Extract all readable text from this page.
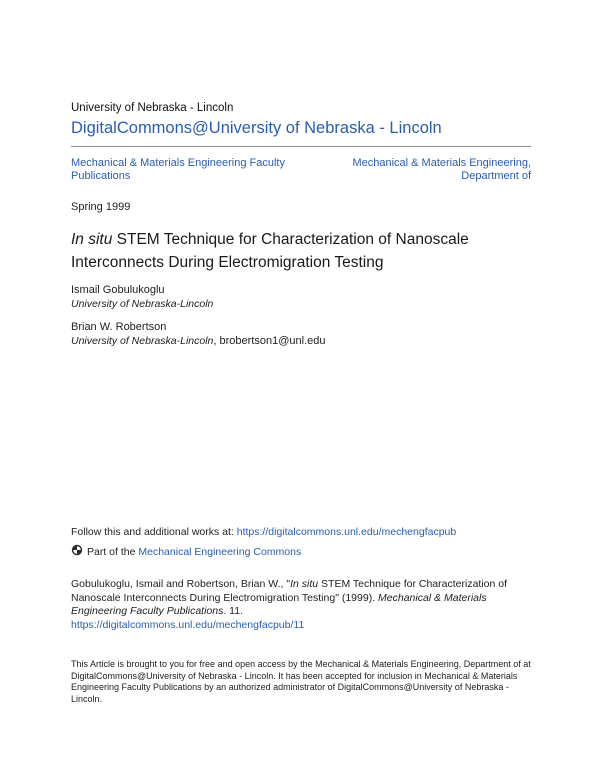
University of Nebraska - Lincoln
DigitalCommons@University of Nebraska - Lincoln
Mechanical & Materials Engineering Faculty Publications
Mechanical & Materials Engineering, Department of
Spring 1999
In situ STEM Technique for Characterization of Nanoscale Interconnects During Electromigration Testing
Ismail Gobulukoglu
University of Nebraska-Lincoln
Brian W. Robertson
University of Nebraska-Lincoln, brobertson1@unl.edu
Follow this and additional works at: https://digitalcommons.unl.edu/mechengfacpub
Part of the
Mechanical Engineering Commons
Gobulukoglu, Ismail and Robertson, Brian W., "In situ STEM Technique for Characterization of Nanoscale Interconnects During Electromigration Testing" (1999). Mechanical & Materials Engineering Faculty Publications. 11.
https://digitalcommons.unl.edu/mechengfacpub/11
This Article is brought to you for free and open access by the Mechanical & Materials Engineering, Department of at DigitalCommons@University of Nebraska - Lincoln. It has been accepted for inclusion in Mechanical & Materials Engineering Faculty Publications by an authorized administrator of DigitalCommons@University of Nebraska - Lincoln.
